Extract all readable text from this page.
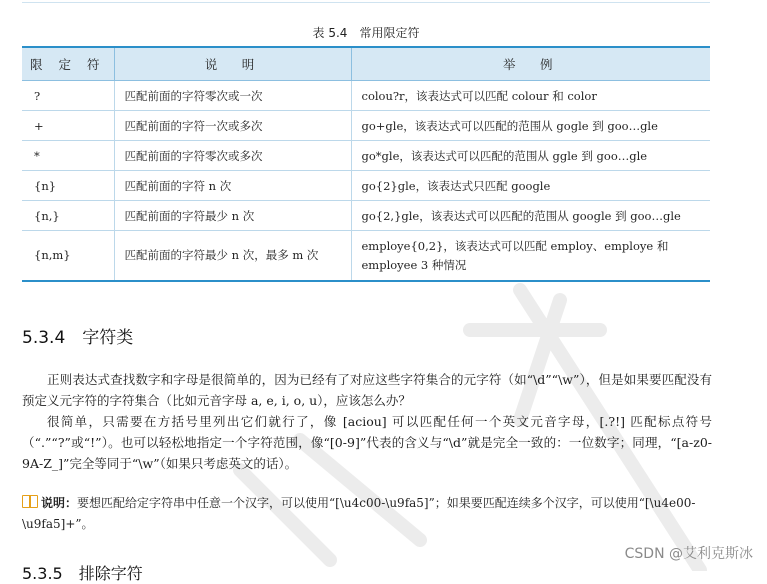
表 5.4　常用限定符
限 定 符	说　明	举　例
?	匹配前面的字符零次或一次	colou?r，该表达式可以匹配 colour 和 color
+	匹配前面的字符一次或多次	go+gle，该表达式可以匹配的范围从 gogle 到 goo…gle
*	匹配前面的字符零次或多次	go*gle，该表达式可以匹配的范围从 ggle 到 goo…gle
{n}	匹配前面的字符 n 次	go{2}gle，该表达式只匹配 google
{n,}	匹配前面的字符最少 n 次	go{2,}gle，该表达式可以匹配的范围从 google 到 goo…gle
{n,m}	匹配前面的字符最少 n 次，最多 m 次	employe{0,2}，该表达式可以匹配 employ、employe 和 employee 3 种情况
5.3.4　字符类

正则表达式查找数字和字母是很简单的，因为已经有了对应这些字符集合的元字符（如“\d”“\w”），但是如果要匹配没有预定义元字符的字符集合（比如元音字母 a, e, i, o, u），应该怎么办？

很简单，只需要在方括号里列出它们就行了，像 [aciou] 可以匹配任何一个英文元音字母，[.?!] 匹配标点符号（“.”“?”或“!”）。也可以轻松地指定一个字符范围，像“[0-9]”代表的含义与“\d”就是完全一致的：一位数字；同理，“[a-z0-9A-Z_]”完全等同于“\w”（如果只考虑英文的话）。

说明：要想匹配给定字符串中任意一个汉字，可以使用“[\u4c00-\u9fa5]”；如果要匹配连续多个汉字，可以使用“[\u4e00-\u9fa5]+”。

5.3.5　排除字符
CSDN @艾利克斯冰
